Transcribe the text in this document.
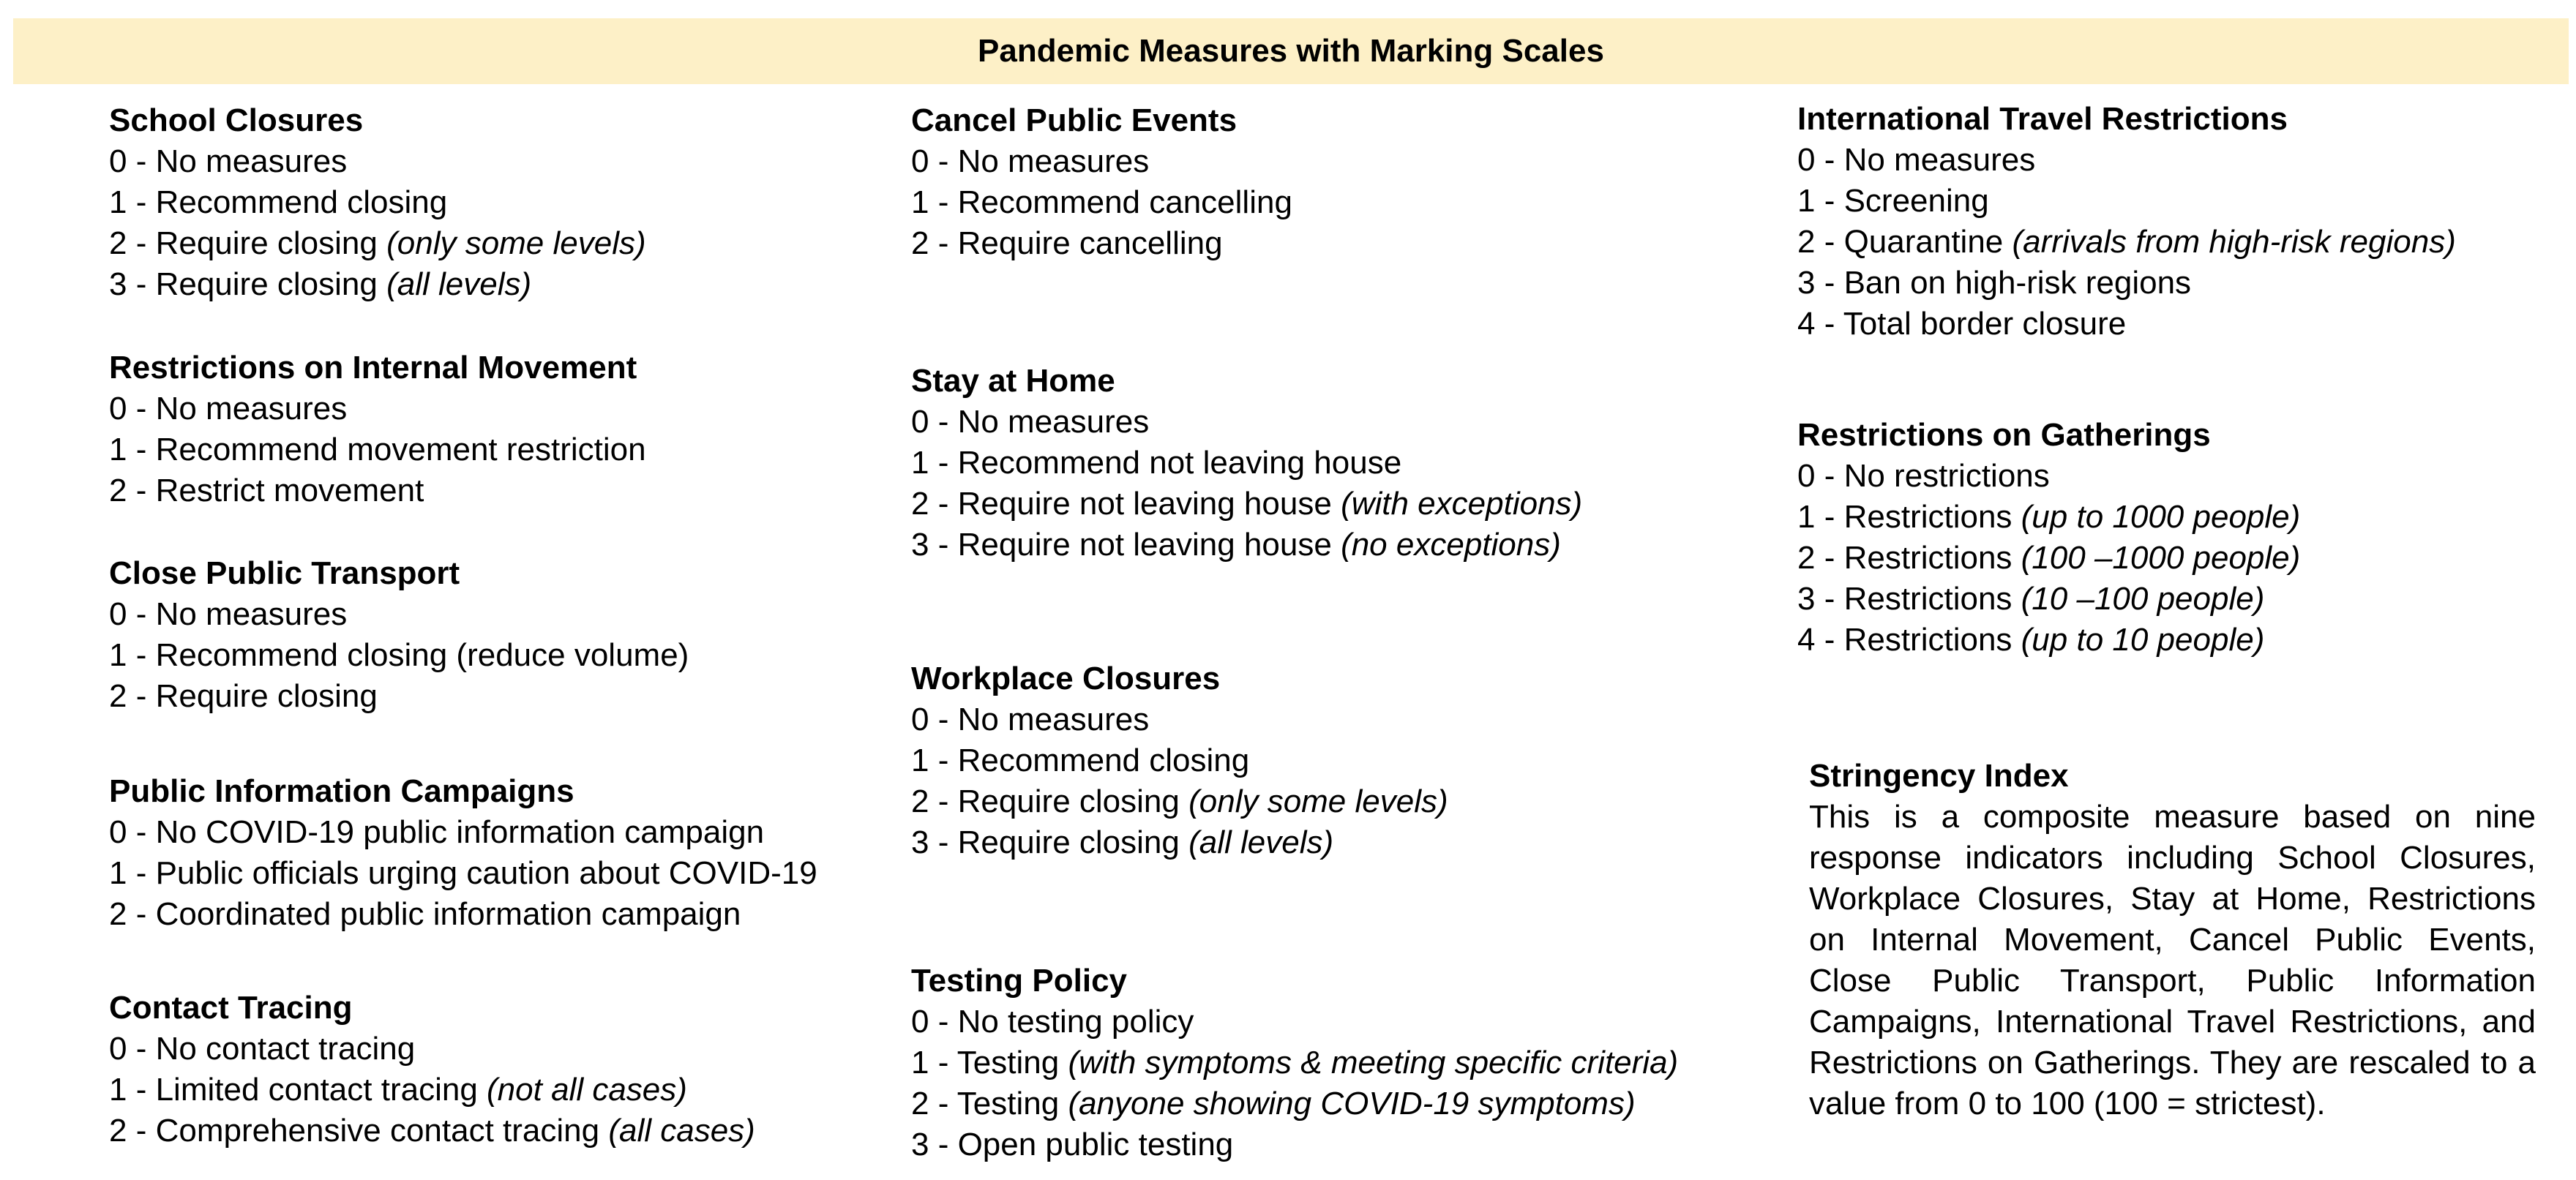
Pandemic Measures with Marking Scales
School Closures
0 - No measures
1 - Recommend closing
2 - Require closing (only some levels)
3 - Require closing (all levels)
Restrictions on Internal Movement
0 - No measures
1 - Recommend movement restriction
2 - Restrict movement
Close Public Transport
0 - No measures
1 - Recommend closing (reduce volume)
2 - Require closing
Public Information Campaigns
0 - No COVID-19 public information campaign
1 - Public officials urging caution about COVID-19
2 - Coordinated public information campaign
Contact Tracing
0 - No contact tracing
1 - Limited contact tracing (not all cases)
2 - Comprehensive contact tracing (all cases)
Cancel Public Events
0 - No measures
1 - Recommend cancelling
2 - Require cancelling
Stay at Home
0 - No measures
1 - Recommend not leaving house
2 - Require not leaving house (with exceptions)
3 - Require not leaving house (no exceptions)
Workplace Closures
0 - No measures
1 - Recommend closing
2 - Require closing (only some levels)
3 - Require closing (all levels)
Testing Policy
0 - No testing policy
1 - Testing (with symptoms & meeting specific criteria)
2 - Testing (anyone showing COVID-19 symptoms)
3 - Open public testing
International Travel Restrictions
0 - No measures
1 - Screening
2 - Quarantine (arrivals from high-risk regions)
3 - Ban on high-risk regions
4 - Total border closure
Restrictions on Gatherings
0 - No restrictions
1 - Restrictions (up to 1000 people)
2 - Restrictions (100 –1000 people)
3 - Restrictions (10 –100 people)
4 - Restrictions (up to 10 people)
Stringency Index
This is a composite measure based on nine response indicators including School Closures, Workplace Closures, Stay at Home, Restrictions on Internal Movement, Cancel Public Events, Close Public Transport, Public Information Campaigns, International Travel Restrictions, and Restrictions on Gatherings. They are rescaled to a value from 0 to 100 (100 = strictest).
